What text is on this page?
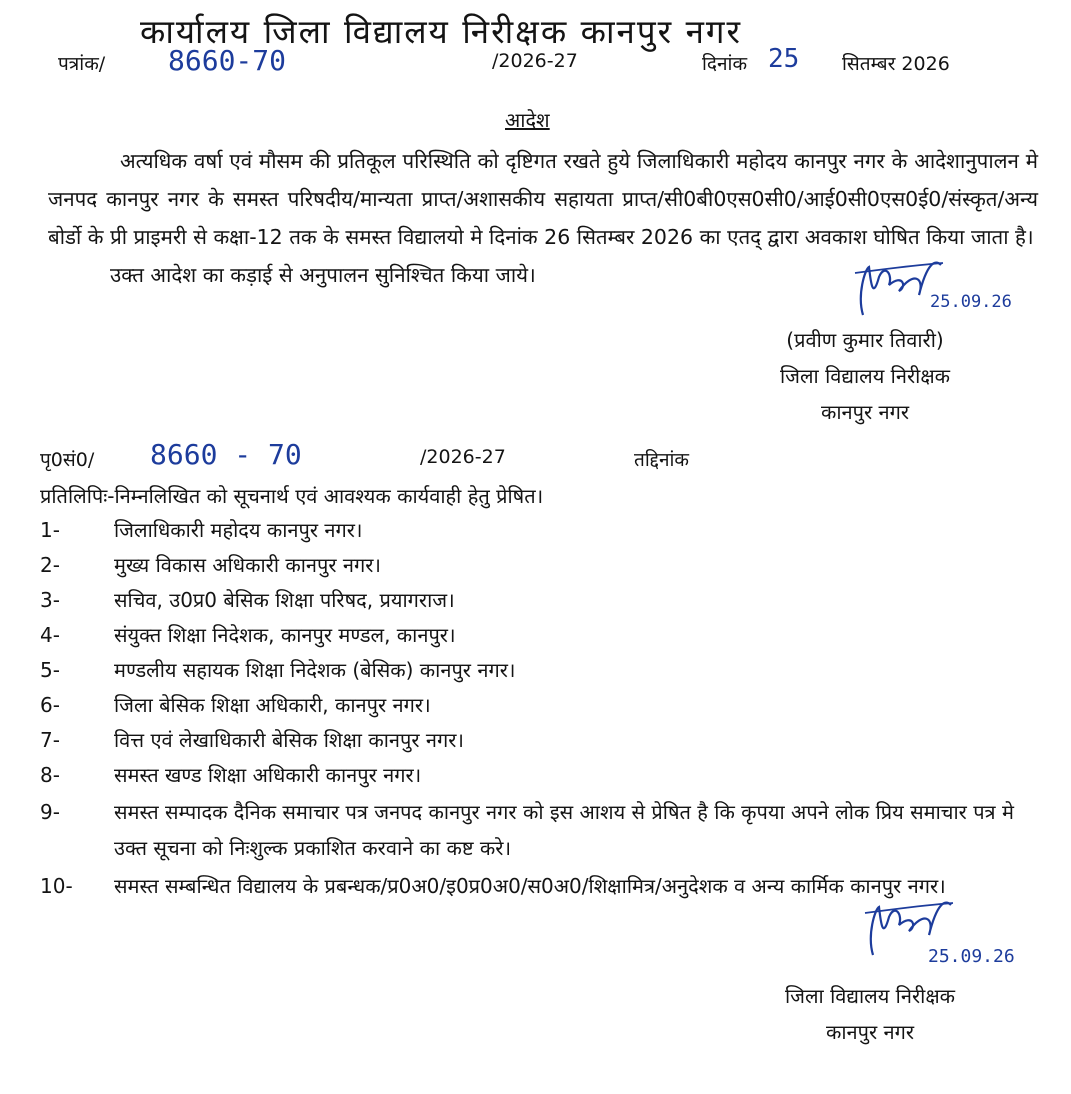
कार्यालय जिला विद्यालय निरीक्षक कानपुर नगर
पत्रांक/ 8660-70	/2026-27	दिनांक 25 सितम्बर 2026
आदेश

अत्यधिक वर्षा एवं मौसम की प्रतिकूल परिस्थिति को दृष्टिगत रखते हुये जिलाधिकारी महोदय कानपुर नगर के आदेशानुपालन मे जनपद कानपुर नगर के समस्त परिषदीय/मान्यता प्राप्त/अशासकीय सहायता प्राप्त/सी0बी0एस0सी0/आई0सी0एस0ई0/संस्कृत/अन्य बोर्डो के प्री प्राइमरी से कक्षा-12 तक के समस्त विद्यालयो मे दिनांक 26 सितम्बर 2026 का एतद् द्वारा अवकाश घोषित किया जाता है।

उक्त आदेश का कड़ाई से अनुपालन सुनिश्चित किया जाये।

25.09.26
(प्रवीण कुमार तिवारी)
जिला विद्यालय निरीक्षक
कानपुर नगर
पृ0सं0/ 8660 - 70	/2026-27	तद्दिनांक
प्रतिलिपिः-निम्नलिखित को सूचनार्थ एवं आवश्यक कार्यवाही हेतु प्रेषित।
1-	जिलाधिकारी महोदय कानपुर नगर।
2-	मुख्य विकास अधिकारी कानपुर नगर।
3-	सचिव, उ0प्र0 बेसिक शिक्षा परिषद, प्रयागराज।
4-	संयुक्त शिक्षा निदेशक, कानपुर मण्डल, कानपुर।
5-	मण्डलीय सहायक शिक्षा निदेशक (बेसिक) कानपुर नगर।
6-	जिला बेसिक शिक्षा अधिकारी, कानपुर नगर।
7-	वित्त एवं लेखाधिकारी बेसिक शिक्षा कानपुर नगर।
8-	समस्त खण्ड शिक्षा अधिकारी कानपुर नगर।
9-	समस्त सम्पादक दैनिक समाचार पत्र जनपद कानपुर नगर को इस आशय से प्रेषित है कि कृपया अपने लोक प्रिय समाचार पत्र मे उक्त सूचना को निःशुल्क प्रकाशित करवाने का कष्ट करे।
10-	समस्त सम्बन्धित विद्यालय के प्रबन्धक/प्र0अ0/इ0प्र0अ0/स0अ0/शिक्षामित्र/अनुदेशक व अन्य कार्मिक कानपुर नगर।
25.09.26
जिला विद्यालय निरीक्षक
कानपुर नगर
